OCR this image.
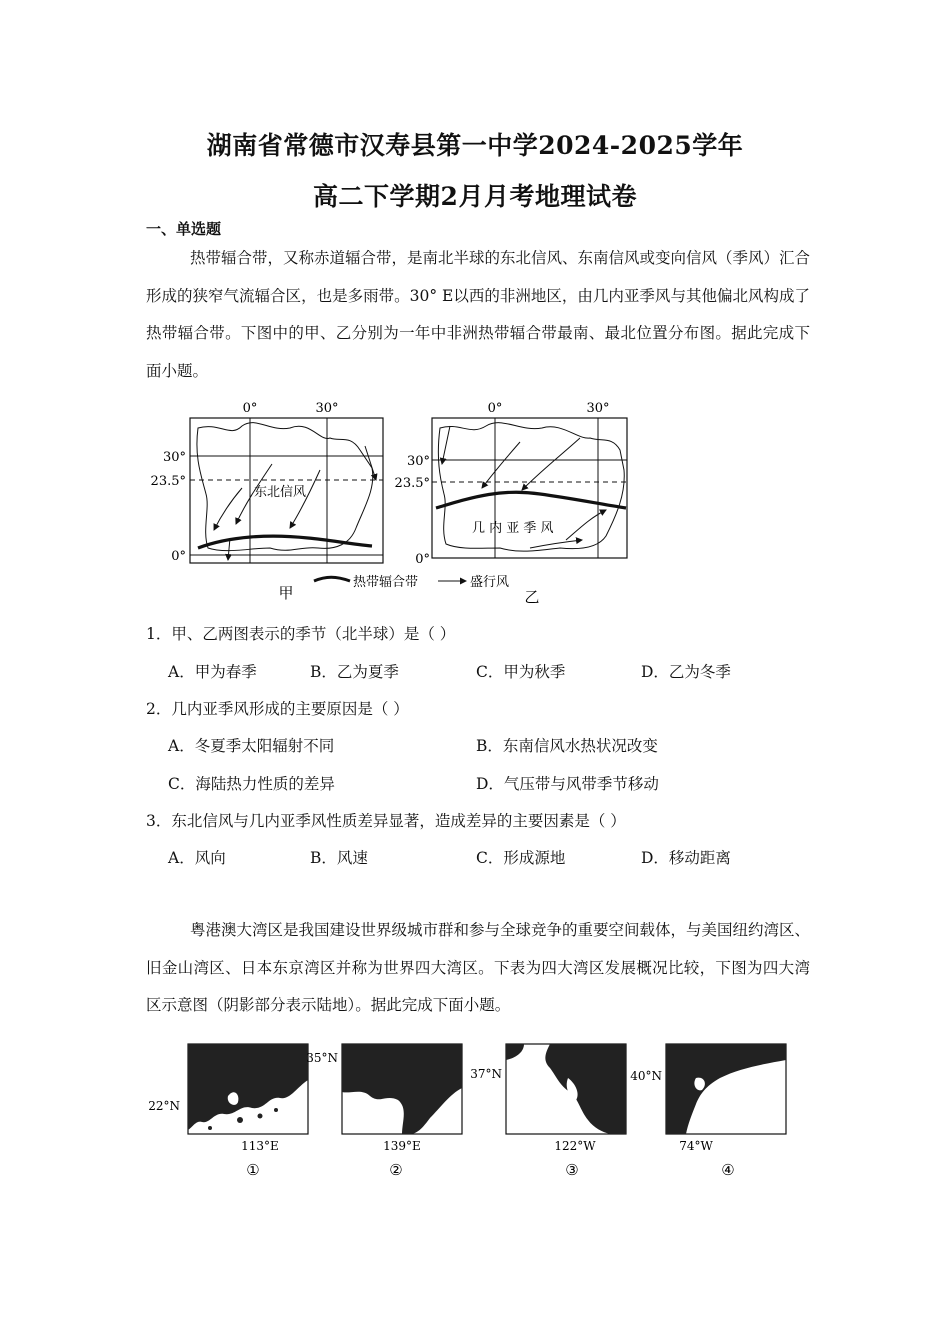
湖南省常德市汉寿县第一中学2024-2025学年
高二下学期2月月考地理试卷
一、单选题
热带辐合带，又称赤道辐合带，是南北半球的东北信风、东南信风或变向信风（季风）汇合形成的狭窄气流辐合区，也是多雨带。30° E以西的非洲地区，由几内亚季风与其他偏北风构成了热带辐合带。下图中的甲、乙分别为一年中非洲热带辐合带最南、最北位置分布图。据此完成下面小题。
0°	30°
30°
23.5°
0°
东北信风
甲
0°	30°
30°
23.5°
0°
几 内 亚 季 风
乙
热带辐合带	盛行风
1．甲、乙两图表示的季节（北半球）是（ ）
A．甲为春季	B．乙为夏季	C．甲为秋季	D．乙为冬季
2．几内亚季风形成的主要原因是（ ）
A．冬夏季太阳辐射不同	B．东南信风水热状况改变
C．海陆热力性质的差异	D．气压带与风带季节移动
3．东北信风与几内亚季风性质差异显著，造成差异的主要因素是（ ）
A．风向	B．风速	C．形成源地	D．移动距离
粤港澳大湾区是我国建设世界级城市群和参与全球竞争的重要空间载体，与美国纽约湾区、旧金山湾区、日本东京湾区并称为世界四大湾区。下表为四大湾区发展概况比较，下图为四大湾区示意图（阴影部分表示陆地）。据此完成下面小题。
22°N
113°E
①
35°N
139°E
②
37°N
122°W
③
40°N
74°W
④
